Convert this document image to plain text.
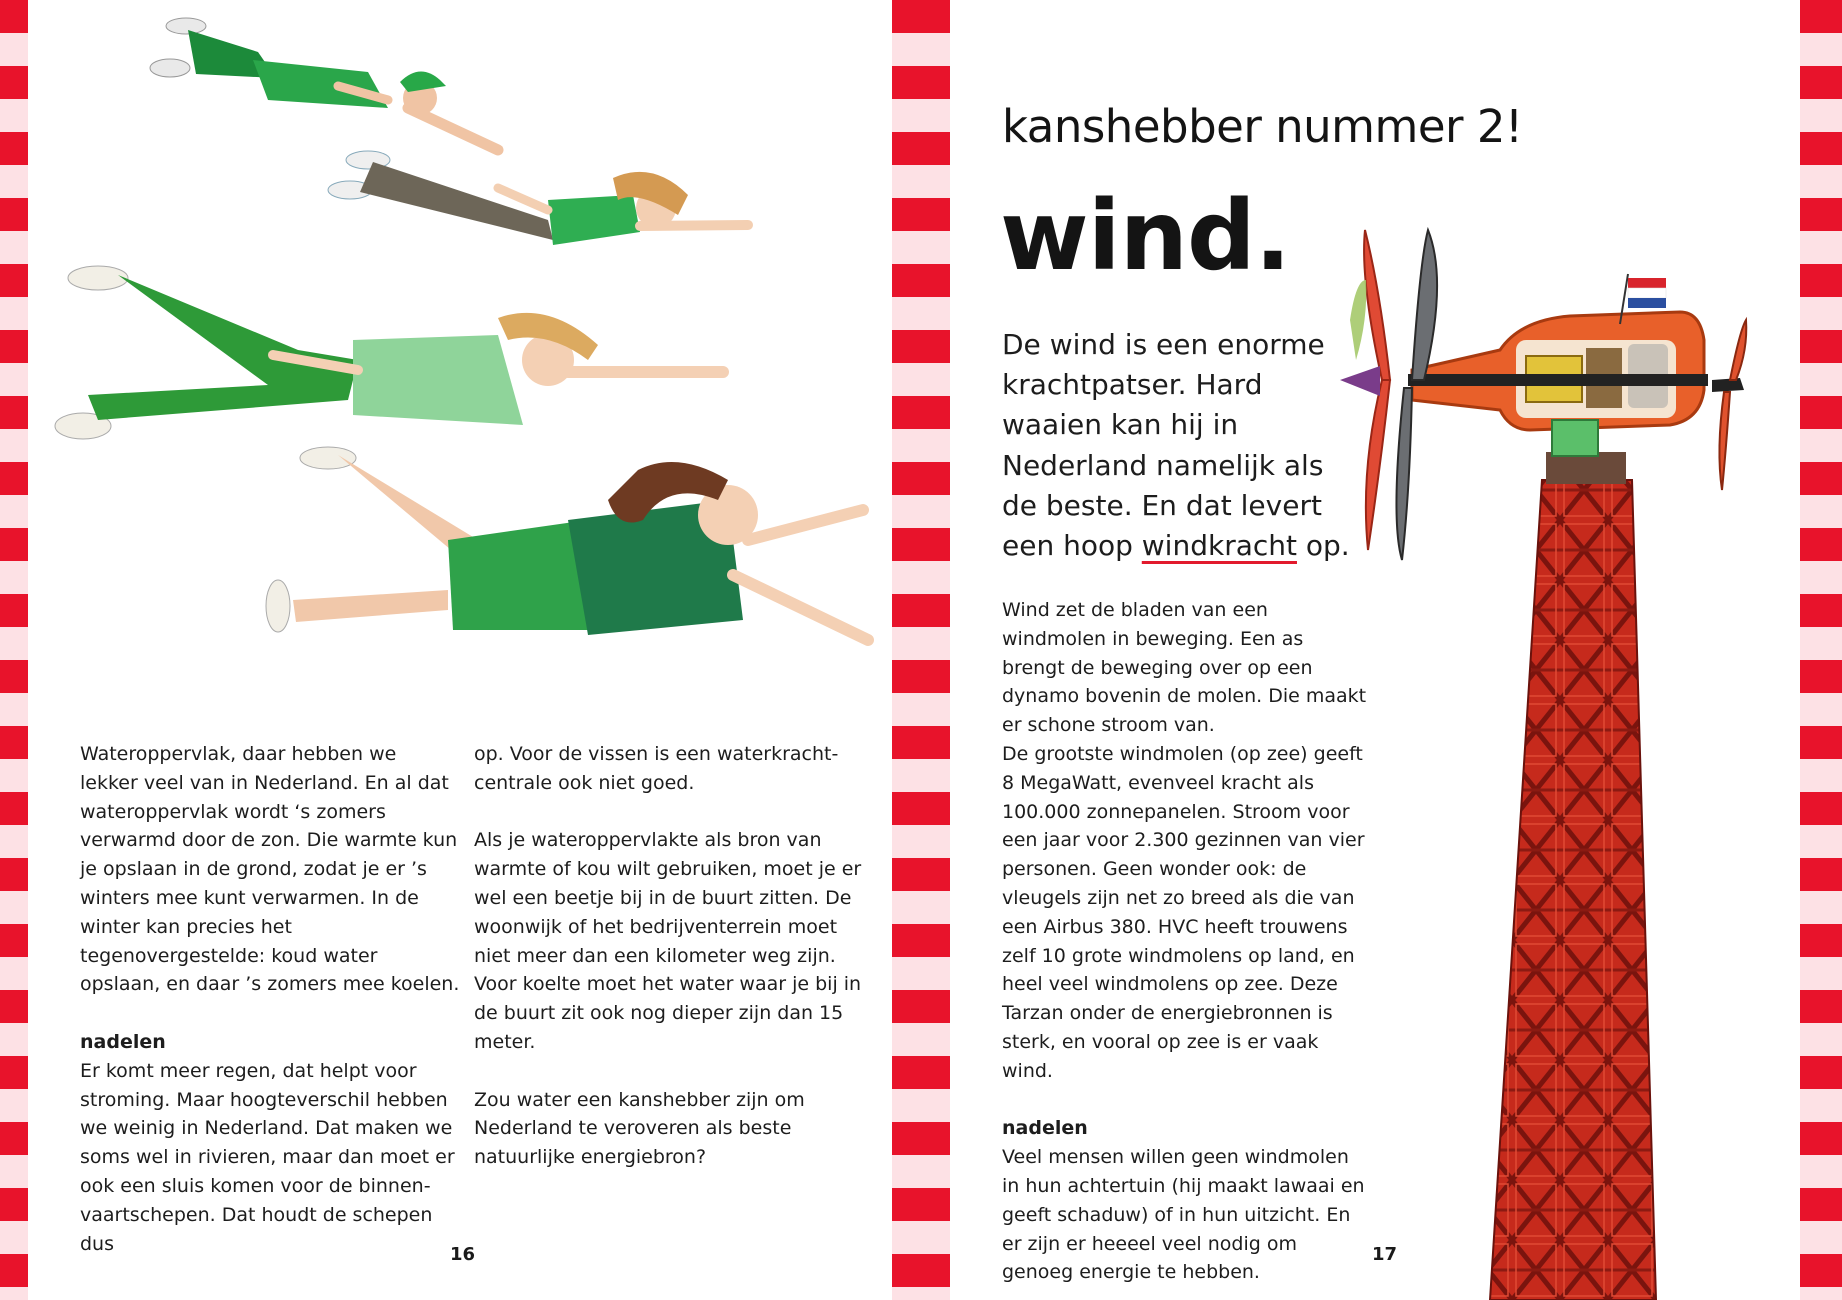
Wateroppervlak, daar hebben we lekker veel van in Nederland. En al dat wateroppervlak wordt ‘s zomers verwarmd door de zon. Die warmte kun je opslaan in de grond, zodat je er ’s winters mee kunt verwarmen. In de winter kan precies het tegenovergestelde: koud water opslaan, en daar ’s zomers mee koelen.

nadelen
Er komt meer regen, dat helpt voor stroming. Maar hoogteverschil hebben we weinig in Nederland. Dat maken we soms wel in rivieren, maar dan moet er ook een sluis komen voor de binnenvaartschepen. Dat houdt de schepen dus

op. Voor de vissen is een waterkrachtcentrale ook niet goed.

Als je wateroppervlakte als bron van warmte of kou wilt gebruiken, moet je er wel een beetje bij in de buurt zitten. De woonwijk of het bedrijventerrein moet niet meer dan een kilometer weg zijn. Voor koelte moet het water waar je bij in de buurt zit ook nog dieper zijn dan 15 meter.

Zou water een kanshebber zijn om Nederland te veroveren als beste natuurlijke energiebron?

16
kanshebber nummer 2!
wind.
De wind is een enorme krachtpatser. Hard waaien kan hij in Nederland namelijk als de beste. En dat levert een hoop windkracht op.
Wind zet de bladen van een windmolen in beweging. Een as brengt de beweging over op een dynamo bovenin de molen. Die maakt er schone stroom van.

De grootste windmolen (op zee) geeft 8 MegaWatt, evenveel kracht als 100.000 zonnepanelen. Stroom voor een jaar voor 2.300 gezinnen van vier personen. Geen wonder ook: de vleugels zijn net zo breed als die van een Airbus 380. HVC heeft trouwens zelf 10 grote windmolens op land, en heel veel windmolens op zee. Deze Tarzan onder de energiebronnen is sterk, en vooral op zee is er vaak wind.

nadelen
Veel mensen willen geen windmolen in hun achtertuin (hij maakt lawaai en geeft schaduw) of in hun uitzicht. En er zijn er heeeel veel nodig om genoeg energie te hebben.

17
